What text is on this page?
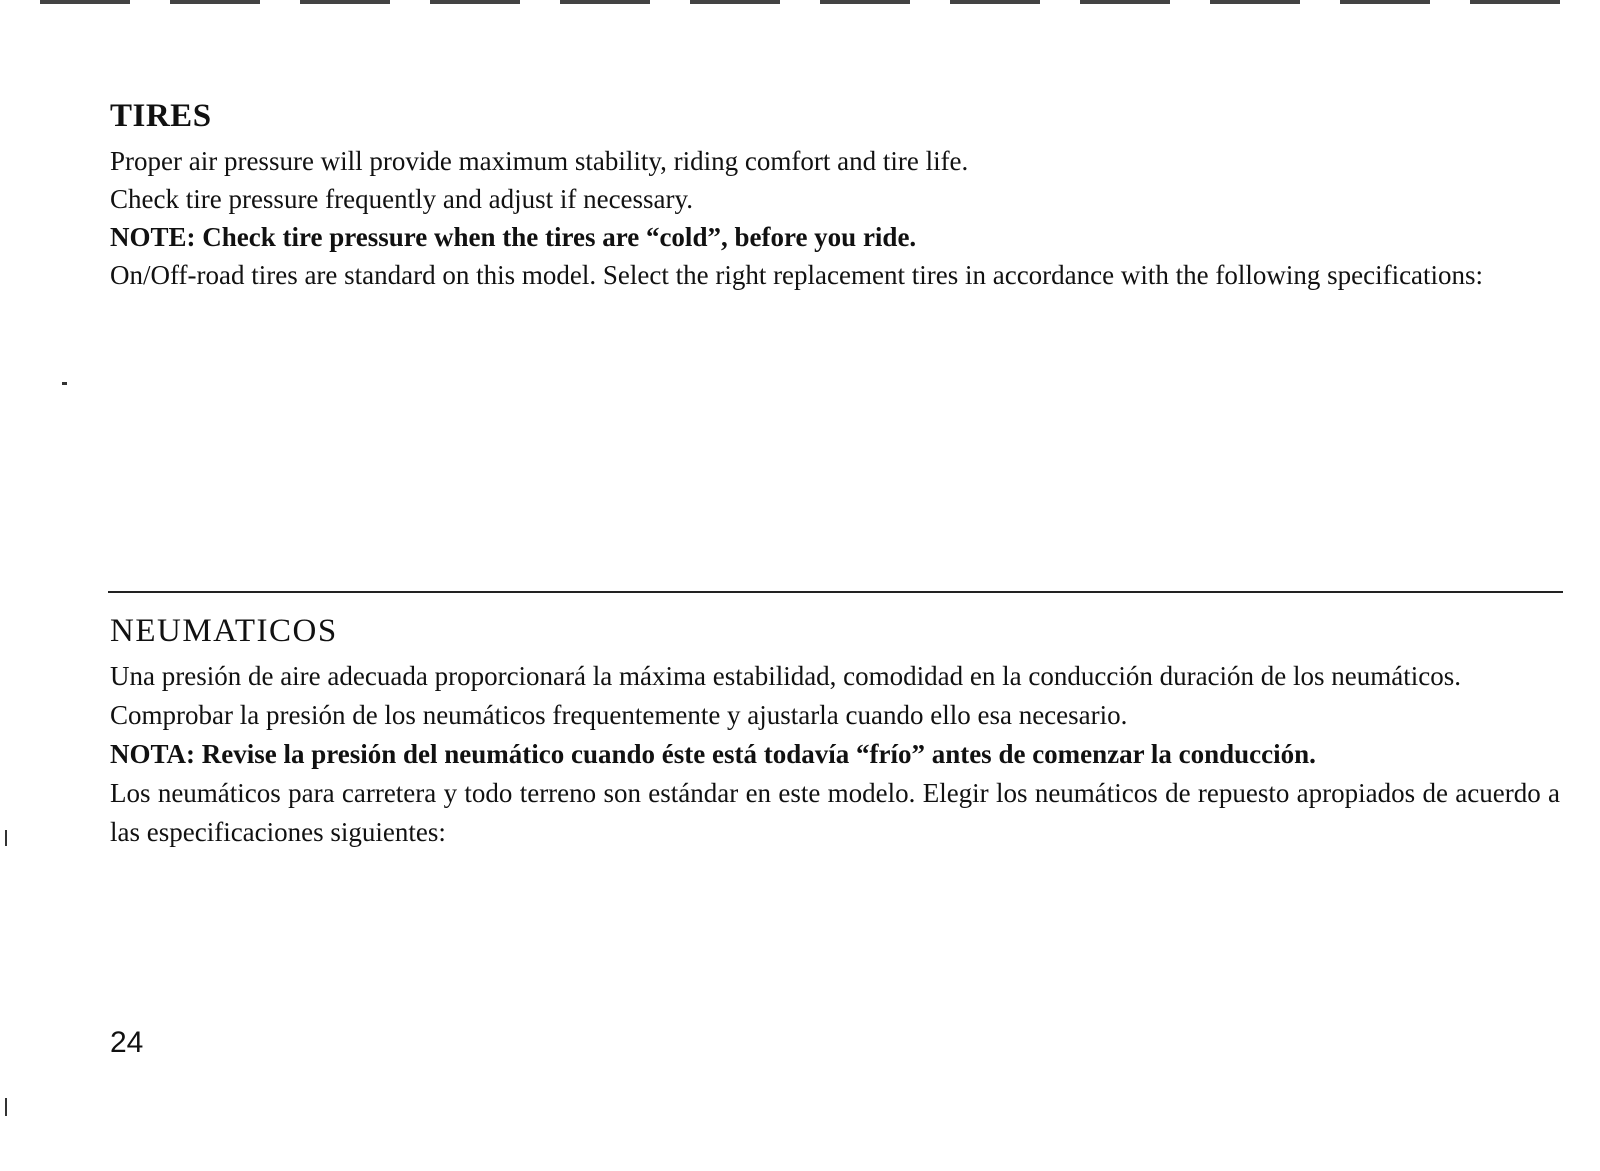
TIRES

Proper air pressure will provide maximum stability, riding comfort and tire life.

Check tire pressure frequently and adjust if necessary.

NOTE: Check tire pressure when the tires are “cold”, before you ride.

On/Off-road tires are standard on this model. Select the right replacement tires in accordance with the following specifications:

NEUMATICOS

Una presión de aire adecuada proporcionará la máxima estabilidad, comodidad en la conducción duración de los neumáticos.

Comprobar la presión de los neumáticos frequentemente y ajustarla cuando ello esa necesario.

NOTA: Revise la presión del neumático cuando éste está todavía “frío” antes de comenzar la conducción.

Los neumáticos para carretera y todo terreno son estándar en este modelo. Elegir los neumáticos de repuesto apropiados de acuerdo a las especificaciones siguientes:

24
